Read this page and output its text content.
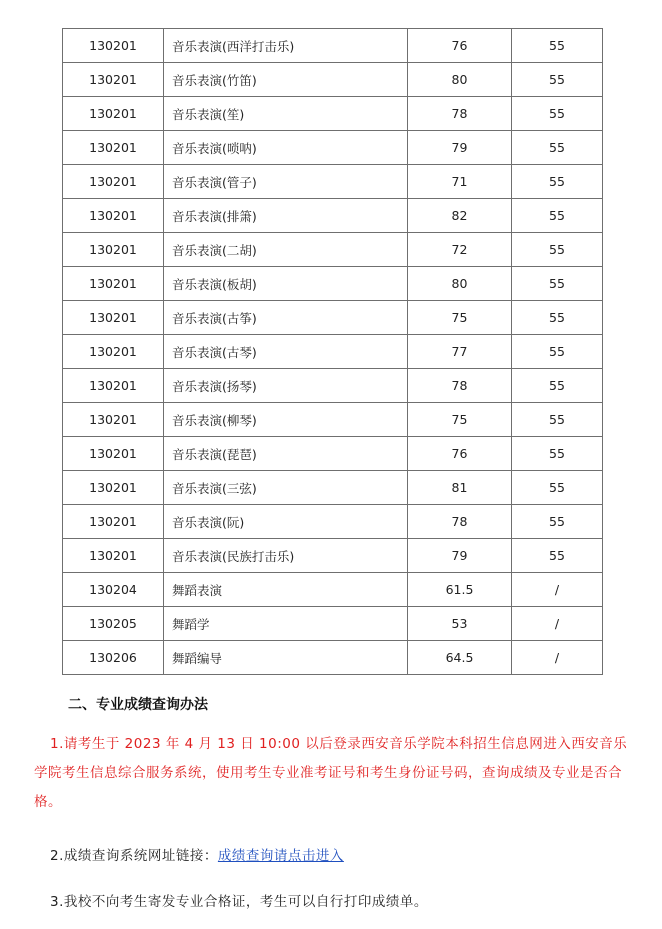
130201	音乐表演(西洋打击乐)	76	55
130201	音乐表演(竹笛)	80	55
130201	音乐表演(笙)	78	55
130201	音乐表演(唢呐)	79	55
130201	音乐表演(管子)	71	55
130201	音乐表演(排箫)	82	55
130201	音乐表演(二胡)	72	55
130201	音乐表演(板胡)	80	55
130201	音乐表演(古筝)	75	55
130201	音乐表演(古琴)	77	55
130201	音乐表演(扬琴)	78	55
130201	音乐表演(柳琴)	75	55
130201	音乐表演(琵琶)	76	55
130201	音乐表演(三弦)	81	55
130201	音乐表演(阮)	78	55
130201	音乐表演(民族打击乐)	79	55
130204	舞蹈表演	61.5	/
130205	舞蹈学	53	/
130206	舞蹈编导	64.5	/
二、专业成绩查询办法

1.请考生于 2023 年 4 月 13 日 10:00 以后登录西安音乐学院本科招生信息网进入西安音乐学院考生信息综合服务系统，使用考生专业准考证号和考生身份证号码，查询成绩及专业是否合格。

2.成绩查询系统网址链接：成绩查询请点击进入

3.我校不向考生寄发专业合格证，考生可以自行打印成绩单。
